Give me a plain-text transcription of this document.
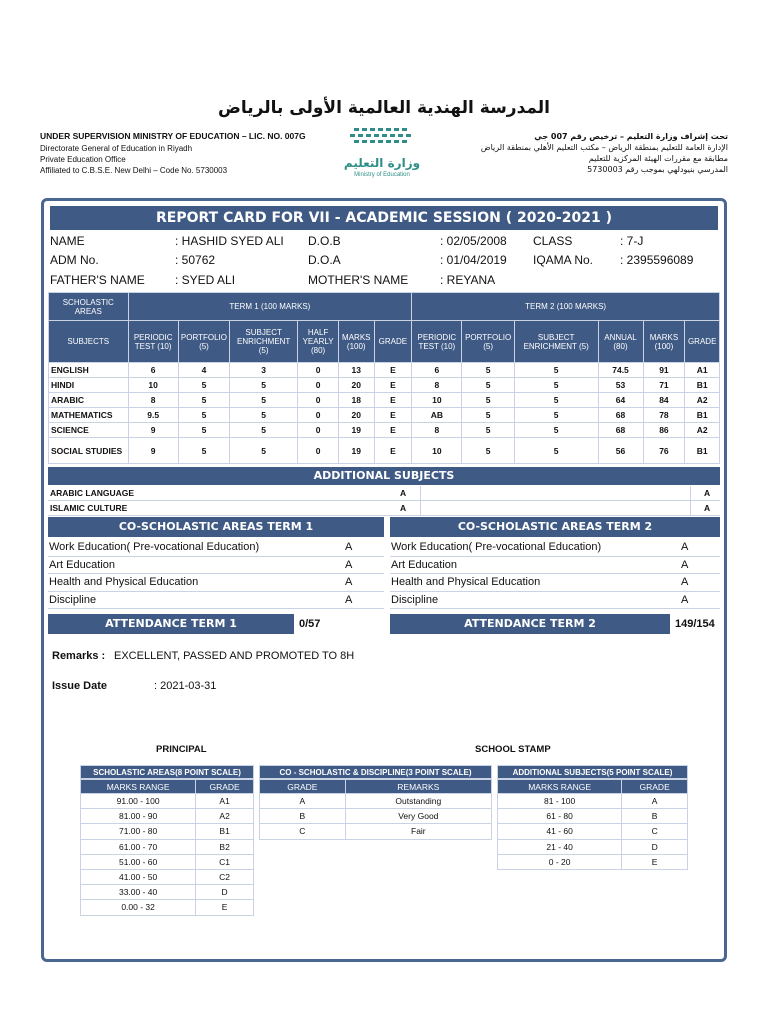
المدرسة الهندية العالمية الأولى بالرياض
UNDER SUPERVISION MINISTRY OF EDUCATION – LIC. NO. 007G
Directorate General of Education in Riyadh
Private Education Office
Affiliated to C.B.S.E. New Delhi – Code No. 5730003
تحت إشراف وزارة التعليم – ترخيص رقم 007 جي
الإدارة العامة للتعليم بمنطقة الرياض – مكتب التعليم الأهلي بمنطقة الرياض
مطابقة مع مقررات الهيئة المركزية للتعليم
المدرسي بنيودلهي بموجب رقم 5730003
وزارة التعليم
Ministry of Education
REPORT CARD FOR VII - ACADEMIC SESSION ( 2020-2021 )
NAME	: HASHID SYED ALI D.O.B	: 02/05/2008 CLASS	: 7-J
ADM No.	: 50762	D.O.A	: 01/04/2019 IQAMA No. : 2395596089
FATHER'S NAME	: SYED ALI	MOTHER'S NAME	: REYANA
SCHOLASTIC AREAS	TERM 1 (100 MARKS)						TERM 2 (100 MARKS)					
SUBJECTS	PERIODIC TEST (10)	PORTFOLIO (5)	SUBJECT ENRICHMENT (5)	HALF YEARLY (80)	MARKS (100)	GRADE	PERIODIC TEST (10)	PORTFOLIO (5)	SUBJECT ENRICHMENT (5)	ANNUAL (80)	MARKS (100)	GRADE
ENGLISH	6	4	3	0	13	E	6	5	5	74.5	91	A1
HINDI	10	5	5	0	20	E	8	5	5	53	71	B1
ARABIC	8	5	5	0	18	E	10	5	5	64	84	A2
MATHEMATICS	9.5	5	5	0	20	E	AB	5	5	68	78	B1
SCIENCE	9	5	5	0	19	E	8	5	5	68	86	A2
SOCIAL STUDIES	9	5	5	0	19	E	10	5	5	56	76	B1
ADDITIONAL SUBJECTS
ARABIC LANGUAGE	A	A
ISLAMIC CULTURE	A	A
CO-SCHOLASTIC AREAS TERM 1	CO-SCHOLASTIC AREAS TERM 2
Work Education( Pre-vocational Education)	A
Art Education	A
Health and Physical Education	A
Discipline	A
Work Education( Pre-vocational Education)	A
Art Education	A
Health and Physical Education	A
Discipline	A
ATTENDANCE TERM 1	0/57	ATTENDANCE TERM 2	149/154
Remarks : EXCELLENT, PASSED AND PROMOTED TO 8H
Issue Date	: 2021-03-31
PRINCIPAL	SCHOOL STAMP
SCHOLASTIC AREAS(8 POINT SCALE)
MARKS RANGE	GRADE
91.00 - 100	A1
81.00 - 90	A2
71.00 - 80	B1
61.00 - 70	B2
51.00 - 60	C1
41.00 - 50	C2
33.00 - 40	D
0.00 - 32	E
CO - SCHOLASTIC & DISCIPLINE(3 POINT SCALE)
GRADE	REMARKS
A	Outstanding
B	Very Good
C	Fair
ADDITIONAL SUBJECTS(5 POINT SCALE)
MARKS RANGE	GRADE
81 - 100	A
61 - 80	B
41 - 60	C
21 - 40	D
0 - 20	E
